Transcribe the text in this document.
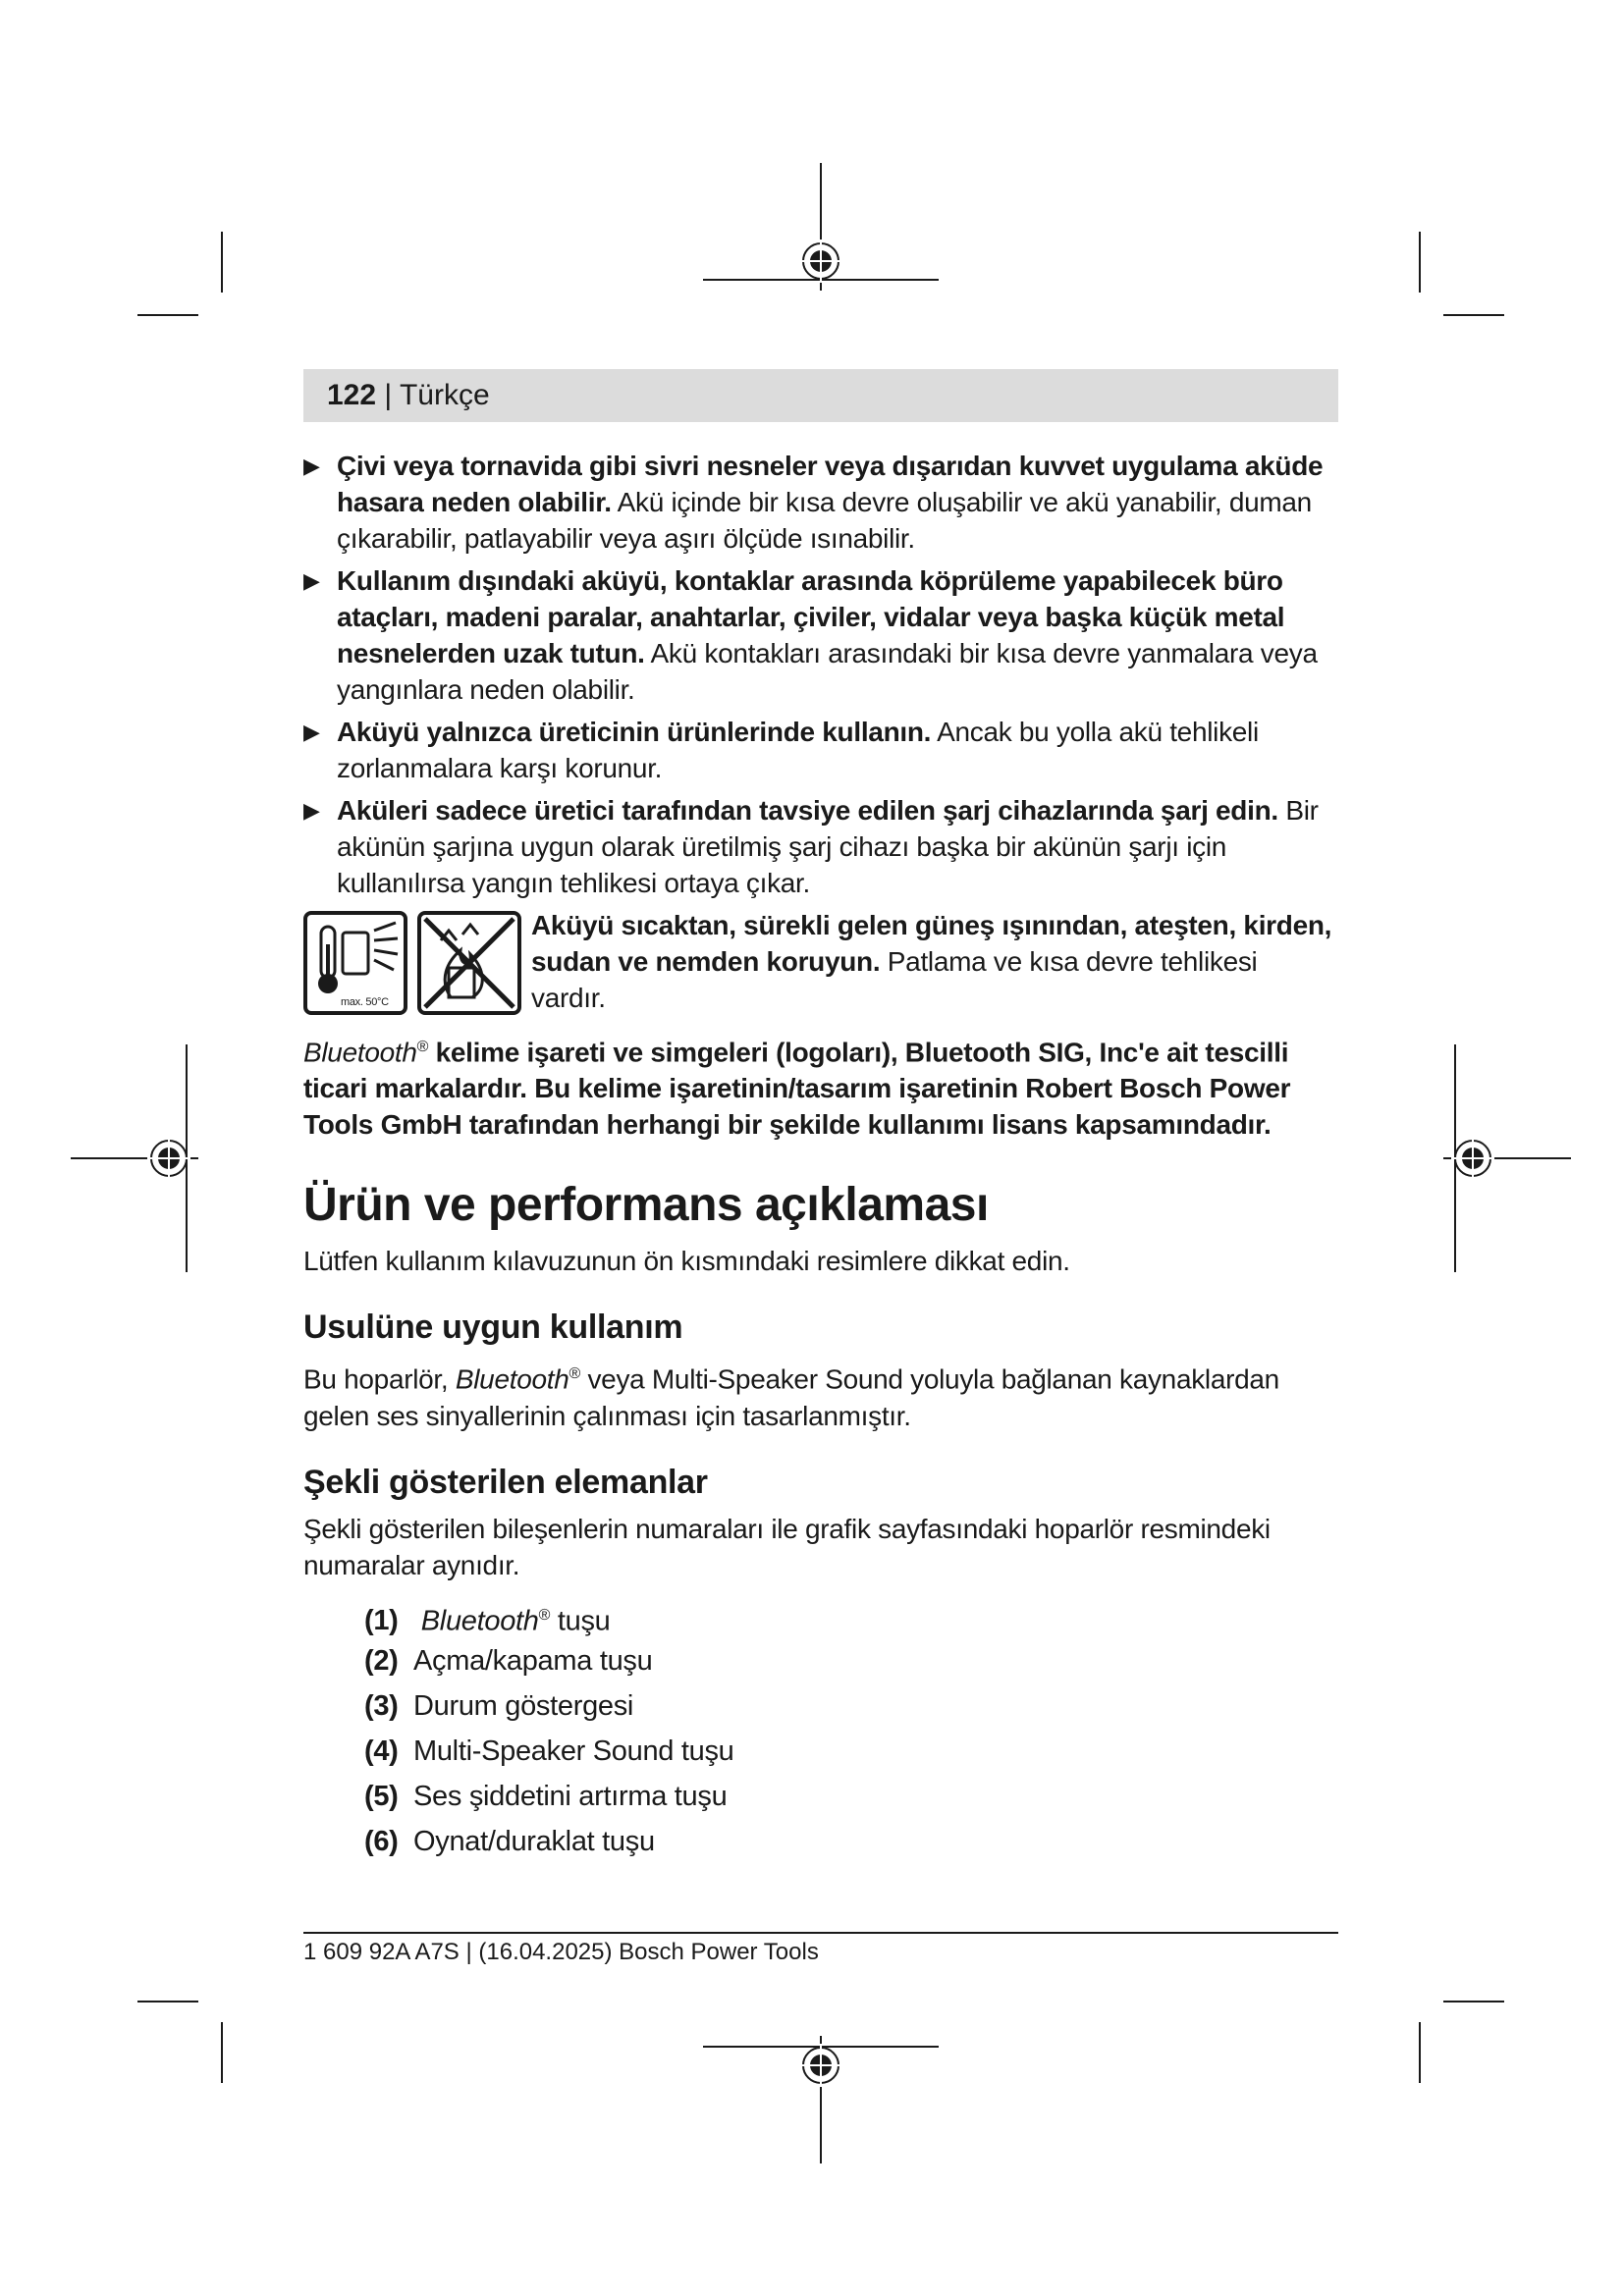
122 | Türkçe
▶ Çivi veya tornavida gibi sivri nesneler veya dışarıdan kuvvet uygulama aküde hasara neden olabilir. Akü içinde bir kısa devre oluşabilir ve akü yanabilir, duman çıkarabilir, patlayabilir veya aşırı ölçüde ısınabilir.
▶ Kullanım dışındaki aküyü, kontaklar arasında köprüleme yapabilecek büro ataçları, madeni paralar, anahtarlar, çiviler, vidalar veya başka küçük metal nesnelerden uzak tutun. Akü kontakları arasındaki bir kısa devre yanmalara veya yangınlara neden olabilir.
▶ Aküyü yalnızca üreticinin ürünlerinde kullanın. Ancak bu yolla akü tehlikeli zorlanmalara karşı korunur.
▶ Aküleri sadece üretici tarafından tavsiye edilen şarj cihazlarında şarj edin. Bir akünün şarjına uygun olarak üretilmiş şarj cihazı başka bir akünün şarjı için kullanılırsa yangın tehlikesi ortaya çıkar.
max. 50°C
Aküyü sıcaktan, sürekli gelen güneş ışınından, ateşten, kirden, sudan ve nemden koruyun. Patlama ve kısa devre tehlikesi vardır.
Bluetooth® kelime işareti ve simgeleri (logoları), Bluetooth SIG, Inc'e ait tescilli ticari markalardır. Bu kelime işaretinin/tasarım işaretinin Robert Bosch Power Tools GmbH tarafından herhangi bir şekilde kullanımı lisans kapsamındadır.
Ürün ve performans açıklaması

Lütfen kullanım kılavuzunun ön kısmındaki resimlere dikkat edin.

Usulüne uygun kullanım

Bu hoparlör, Bluetooth® veya Multi-Speaker Sound yoluyla bağlanan kaynaklardan gelen ses sinyallerinin çalınması için tasarlanmıştır.

Şekli gösterilen elemanlar

Şekli gösterilen bileşenlerin numaraları ile grafik sayfasındaki hoparlör resmindeki numaralar aynıdır.

(1) Bluetooth® tuşu
(2) Açma/kapama tuşu
(3) Durum göstergesi
(4) Multi-Speaker Sound tuşu
(5) Ses şiddetini artırma tuşu
(6) Oynat/duraklat tuşu
1 609 92A A7S | (16.04.2025) Bosch Power Tools
